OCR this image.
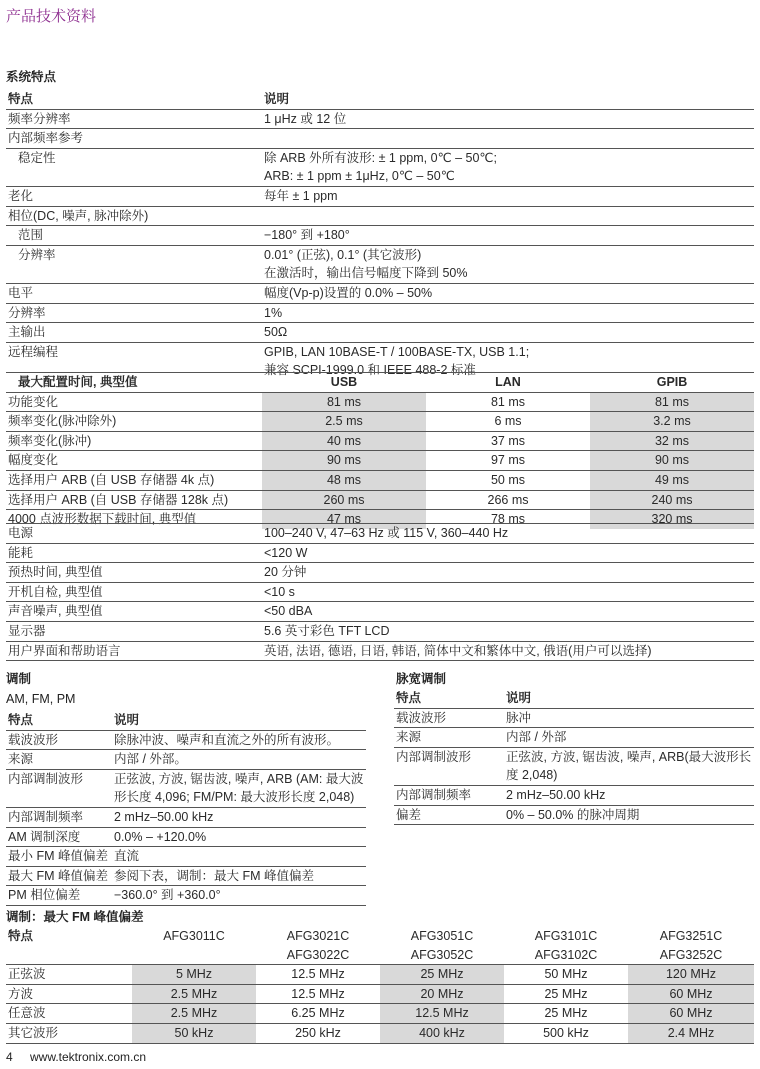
产品技术资料
系统特点
特点	说明
频率分辨率	1 μHz 或 12 位
内部频率参考	
稳定性	除 ARB 外所有波形: ± 1 ppm, 0℃ – 50℃;
	ARB: ± 1 ppm ± 1μHz, 0℃ – 50℃
老化	每年 ± 1 ppm
相位(DC, 噪声, 脉冲除外)	
范围	−180° 到 +180°
分辨率	0.01° (正弦), 0.1° (其它波形)
	在激活时，输出信号幅度下降到 50%
电平	幅度(Vp-p)设置的 0.0% – 50%
分辨率	1%
主输出	50Ω
远程编程	GPIB, LAN 10BASE-T / 100BASE-TX, USB 1.1;
	兼容 SCPI-1999.0 和 IEEE 488-2 标准
最大配置时间, 典型值	USB	LAN	GPIB
功能变化	81 ms	81 ms	81 ms
频率变化(脉冲除外)	2.5 ms	6 ms	3.2 ms
频率变化(脉冲)	40 ms	37 ms	32 ms
幅度变化	90 ms	97 ms	90 ms
选择用户 ARB (自 USB 存储器 4k 点)	48 ms	50 ms	49 ms
选择用户 ARB (自 USB 存储器 128k 点)	260 ms	266 ms	240 ms
4000 点波形数据下载时间, 典型值	47 ms	78 ms	320 ms
电源	100–240 V, 47–63 Hz 或 115 V, 360–440 Hz
能耗	<120 W
预热时间, 典型值	20 分钟
开机自检, 典型值	<10 s
声音噪声, 典型值	<50 dBA
显示器	5.6 英寸彩色 TFT LCD
用户界面和帮助语言	英语, 法语, 德语, 日语, 韩语, 简体中文和繁体中文, 俄语(用户可以选择)
调制
AM, FM, PM
特点	说明
载波波形	除脉冲波、噪声和直流之外的所有波形。
来源	内部 / 外部。
内部调制波形	正弦波, 方波, 锯齿波, 噪声, ARB (AM: 最大波形长度 4,096; FM/PM: 最大波形长度 2,048)
内部调制频率	2 mHz–50.00 kHz
AM 调制深度	0.0% – +120.0%
最小 FM 峰值偏差	直流
最大 FM 峰值偏差	参阅下表，调制：最大 FM 峰值偏差
PM 相位偏差	−360.0° 到 +360.0°
脉宽调制
特点	说明
载波波形	脉冲
来源	内部 / 外部
内部调制波形	正弦波, 方波, 锯齿波, 噪声, ARB(最大波形长度 2,048)
内部调制频率	2 mHz–50.00 kHz
偏差	0% – 50.0% 的脉冲周期
调制：最大 FM 峰值偏差
特点	AFG3011C	AFG3021C	AFG3051C	AFG3101C	AFG3251C
		AFG3022C	AFG3052C	AFG3102C	AFG3252C
正弦波	5 MHz	12.5 MHz	25 MHz	50 MHz	120 MHz
方波	2.5 MHz	12.5 MHz	20 MHz	25 MHz	60 MHz
任意波	2.5 MHz	6.25 MHz	12.5 MHz	25 MHz	60 MHz
其它波形	50 kHz	250 kHz	400 kHz	500 kHz	2.4 MHz
4 www.tektronix.com.cn
